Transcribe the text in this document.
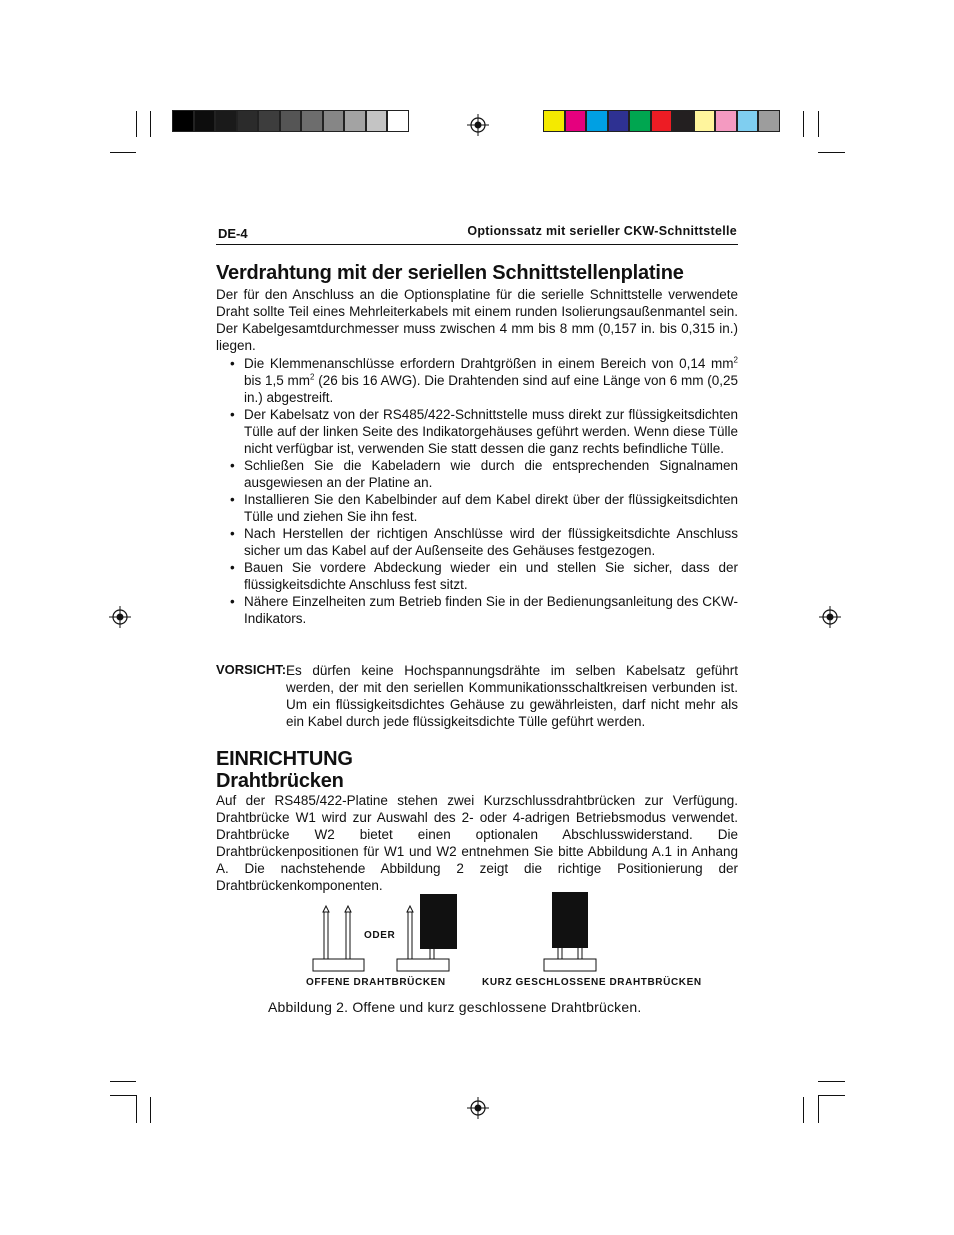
DE-4	Optionssatz mit serieller CKW-Schnittstelle
Verdrahtung mit der seriellen Schnittstellenplatine

Der für den Anschluss an die Optionsplatine für die serielle Schnittstelle verwendete Draht sollte Teil eines Mehrleiterkabels mit einem runden Isolierungsaußenmantel sein. Der Kabelgesamtdurchmesser muss zwischen 4 mm bis 8 mm (0,157 in. bis 0,315 in.) liegen.

• Die Klemmenanschlüsse erfordern Drahtgrößen in einem Bereich von 0,14 $mm^2$ bis 1,5 $mm^2$ (26 bis 16 AWG). Die Drahtenden sind auf eine Länge von 6 mm (0,25 in.) abgestreift.
• Der Kabelsatz von der RS485/422-Schnittstelle muss direkt zur flüssigkeitsdichten Tülle auf der linken Seite des Indikatorgehäuses geführt werden. Wenn diese Tülle nicht verfügbar ist, verwenden Sie statt dessen die ganz rechts befindliche Tülle.
• Schließen Sie die Kabeladern wie durch die entsprechenden Signalnamen ausgewiesen an der Platine an.
• Installieren Sie den Kabelbinder auf dem Kabel direkt über der flüssigkeitsdichten Tülle und ziehen Sie ihn fest.
• Nach Herstellen der richtigen Anschlüsse wird der flüssigkeitsdichte Anschluss sicher um das Kabel auf der Außenseite des Gehäuses festgezogen.
• Bauen Sie vordere Abdeckung wieder ein und stellen Sie sicher, dass der flüssigkeitsdichte Anschluss fest sitzt.
• Nähere Einzelheiten zum Betrieb finden Sie in der Bedienungsanleitung des CKW-Indikators.
VORSICHT: Es dürfen keine Hochspannungsdrähte im selben Kabelsatz geführt werden, der mit den seriellen Kommunikationsschaltkreisen verbunden ist. Um ein flüssigkeitsdichtes Gehäuse zu gewährleisten, darf nicht mehr als ein Kabel durch jede flüssigkeitsdichte Tülle geführt werden.
EINRICHTUNG
Drahtbrücken

Auf der RS485/422-Platine stehen zwei Kurzschlussdrahtbrücken zur Verfügung. Drahtbrücke W1 wird zur Auswahl des 2- oder 4-adrigen Betriebsmodus verwendet. Drahtbrücke W2 bietet einen optionalen Abschlusswiderstand. Die Drahtbrückenpositionen für W1 und W2 entnehmen Sie bitte Abbildung A.1 in Anhang A. Die nachstehende Abbildung 2 zeigt die richtige Positionierung der Drahtbrückenkomponenten.

ODER
OFFENE DRAHTBRÜCKEN	KURZ GESCHLOSSENE DRAHTBRÜCKEN
Abbildung 2. Offene und kurz geschlossene Drahtbrücken.
